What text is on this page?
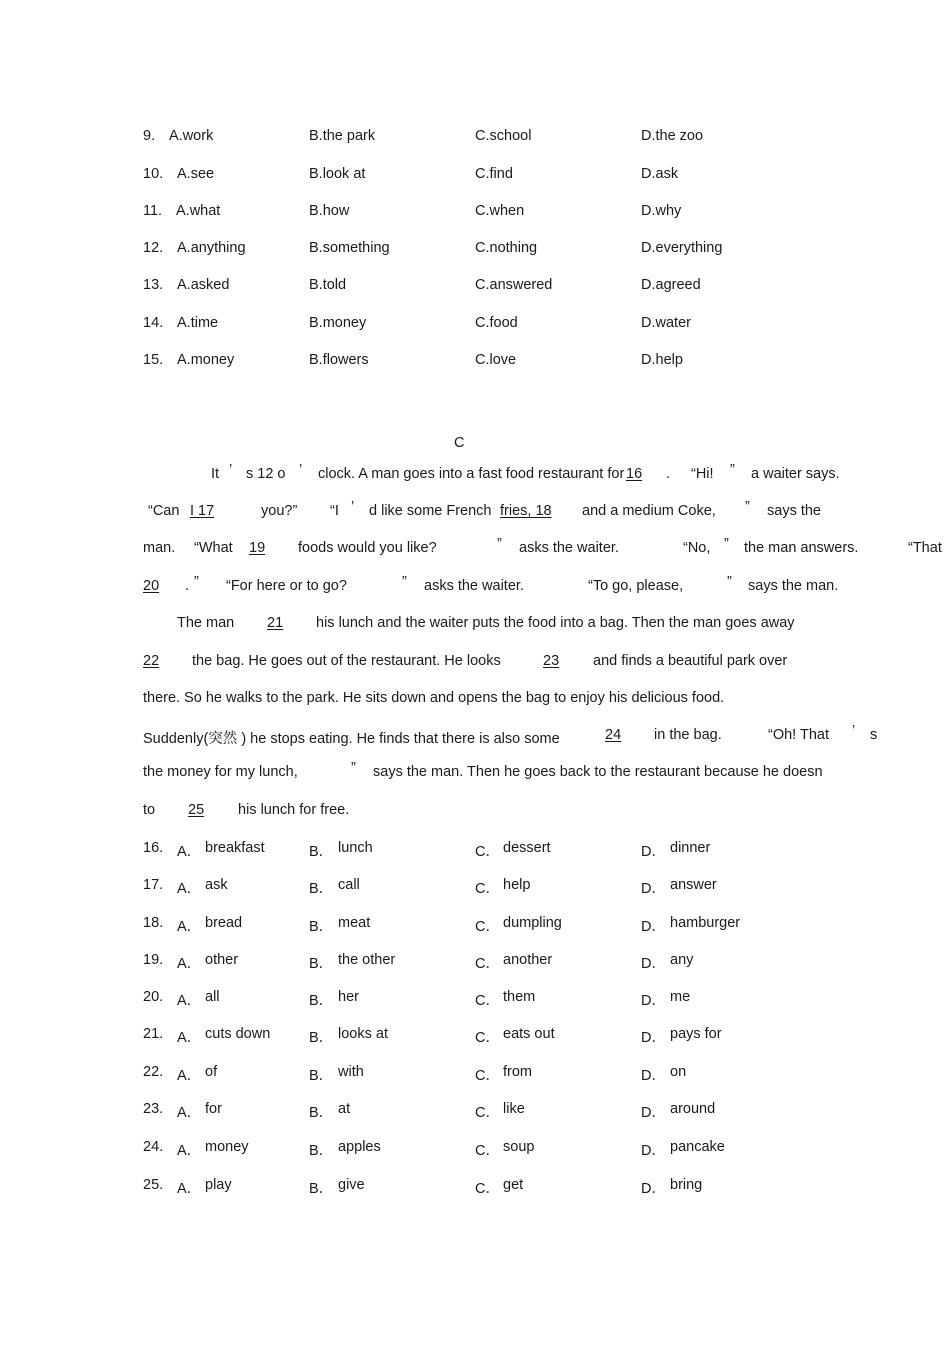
9. A.work	B.the park	C.school	D.the zoo
10. A.see	B.look at	C.find	D.ask
11. A.what	B.how	C.when	D.why
12. A.anything	B.something	C.nothing	D.everything
13. A.asked	B.told	C.answered	D.agreed
14. A.time	B.money	C.food	D.water
15. A.money	B.flowers	C.love	D.help
C
It ’ s 12 o ’ clock. A man goes into a fast food restaurant for 16 . “Hi! ” a waiter says.
“Can I 17	you?” “I ’ d like some French fries, 18 and a medium Coke, ” says the
man. “What 19 foods would you like?	” asks the waiter.	“No, ” the man answers.	“That
20 . ” “For here or to go?	” asks the waiter.	“To go, please,	” says the man.
The man	21	his lunch and the waiter puts the food into a bag. Then the man goes away
22	the bag. He goes out of the restaurant. He looks	23	and finds a beautiful park over
there. So he walks to the park. He sits down and opens the bag to enjoy his delicious food.
Suddenly(突然 ) he stops eating. He finds that there is also some	24	in the bag.	“Oh! That ’ s
the money for my lunch,	” says the man. Then he goes back to the restaurant because he doesn
to	25	his lunch for free.
16. A． breakfast	B． lunch	C． dessert	D． dinner
17. A． ask	B． call	C． help	D． answer
18. A． bread	B． meat	C． dumpling	D． hamburger
19. A． other	B． the other	C． another	D． any
20. A． all	B． her	C． them	D． me
21. A． cuts down	B． looks at	C． eats out	D． pays for
22. A． of	B． with	C． from	D． on
23. A． for	B． at	C． like	D． around
24. A． money	B． apples	C． soup	D． pancake
25. A． play	B． give	C． get	D． bring
